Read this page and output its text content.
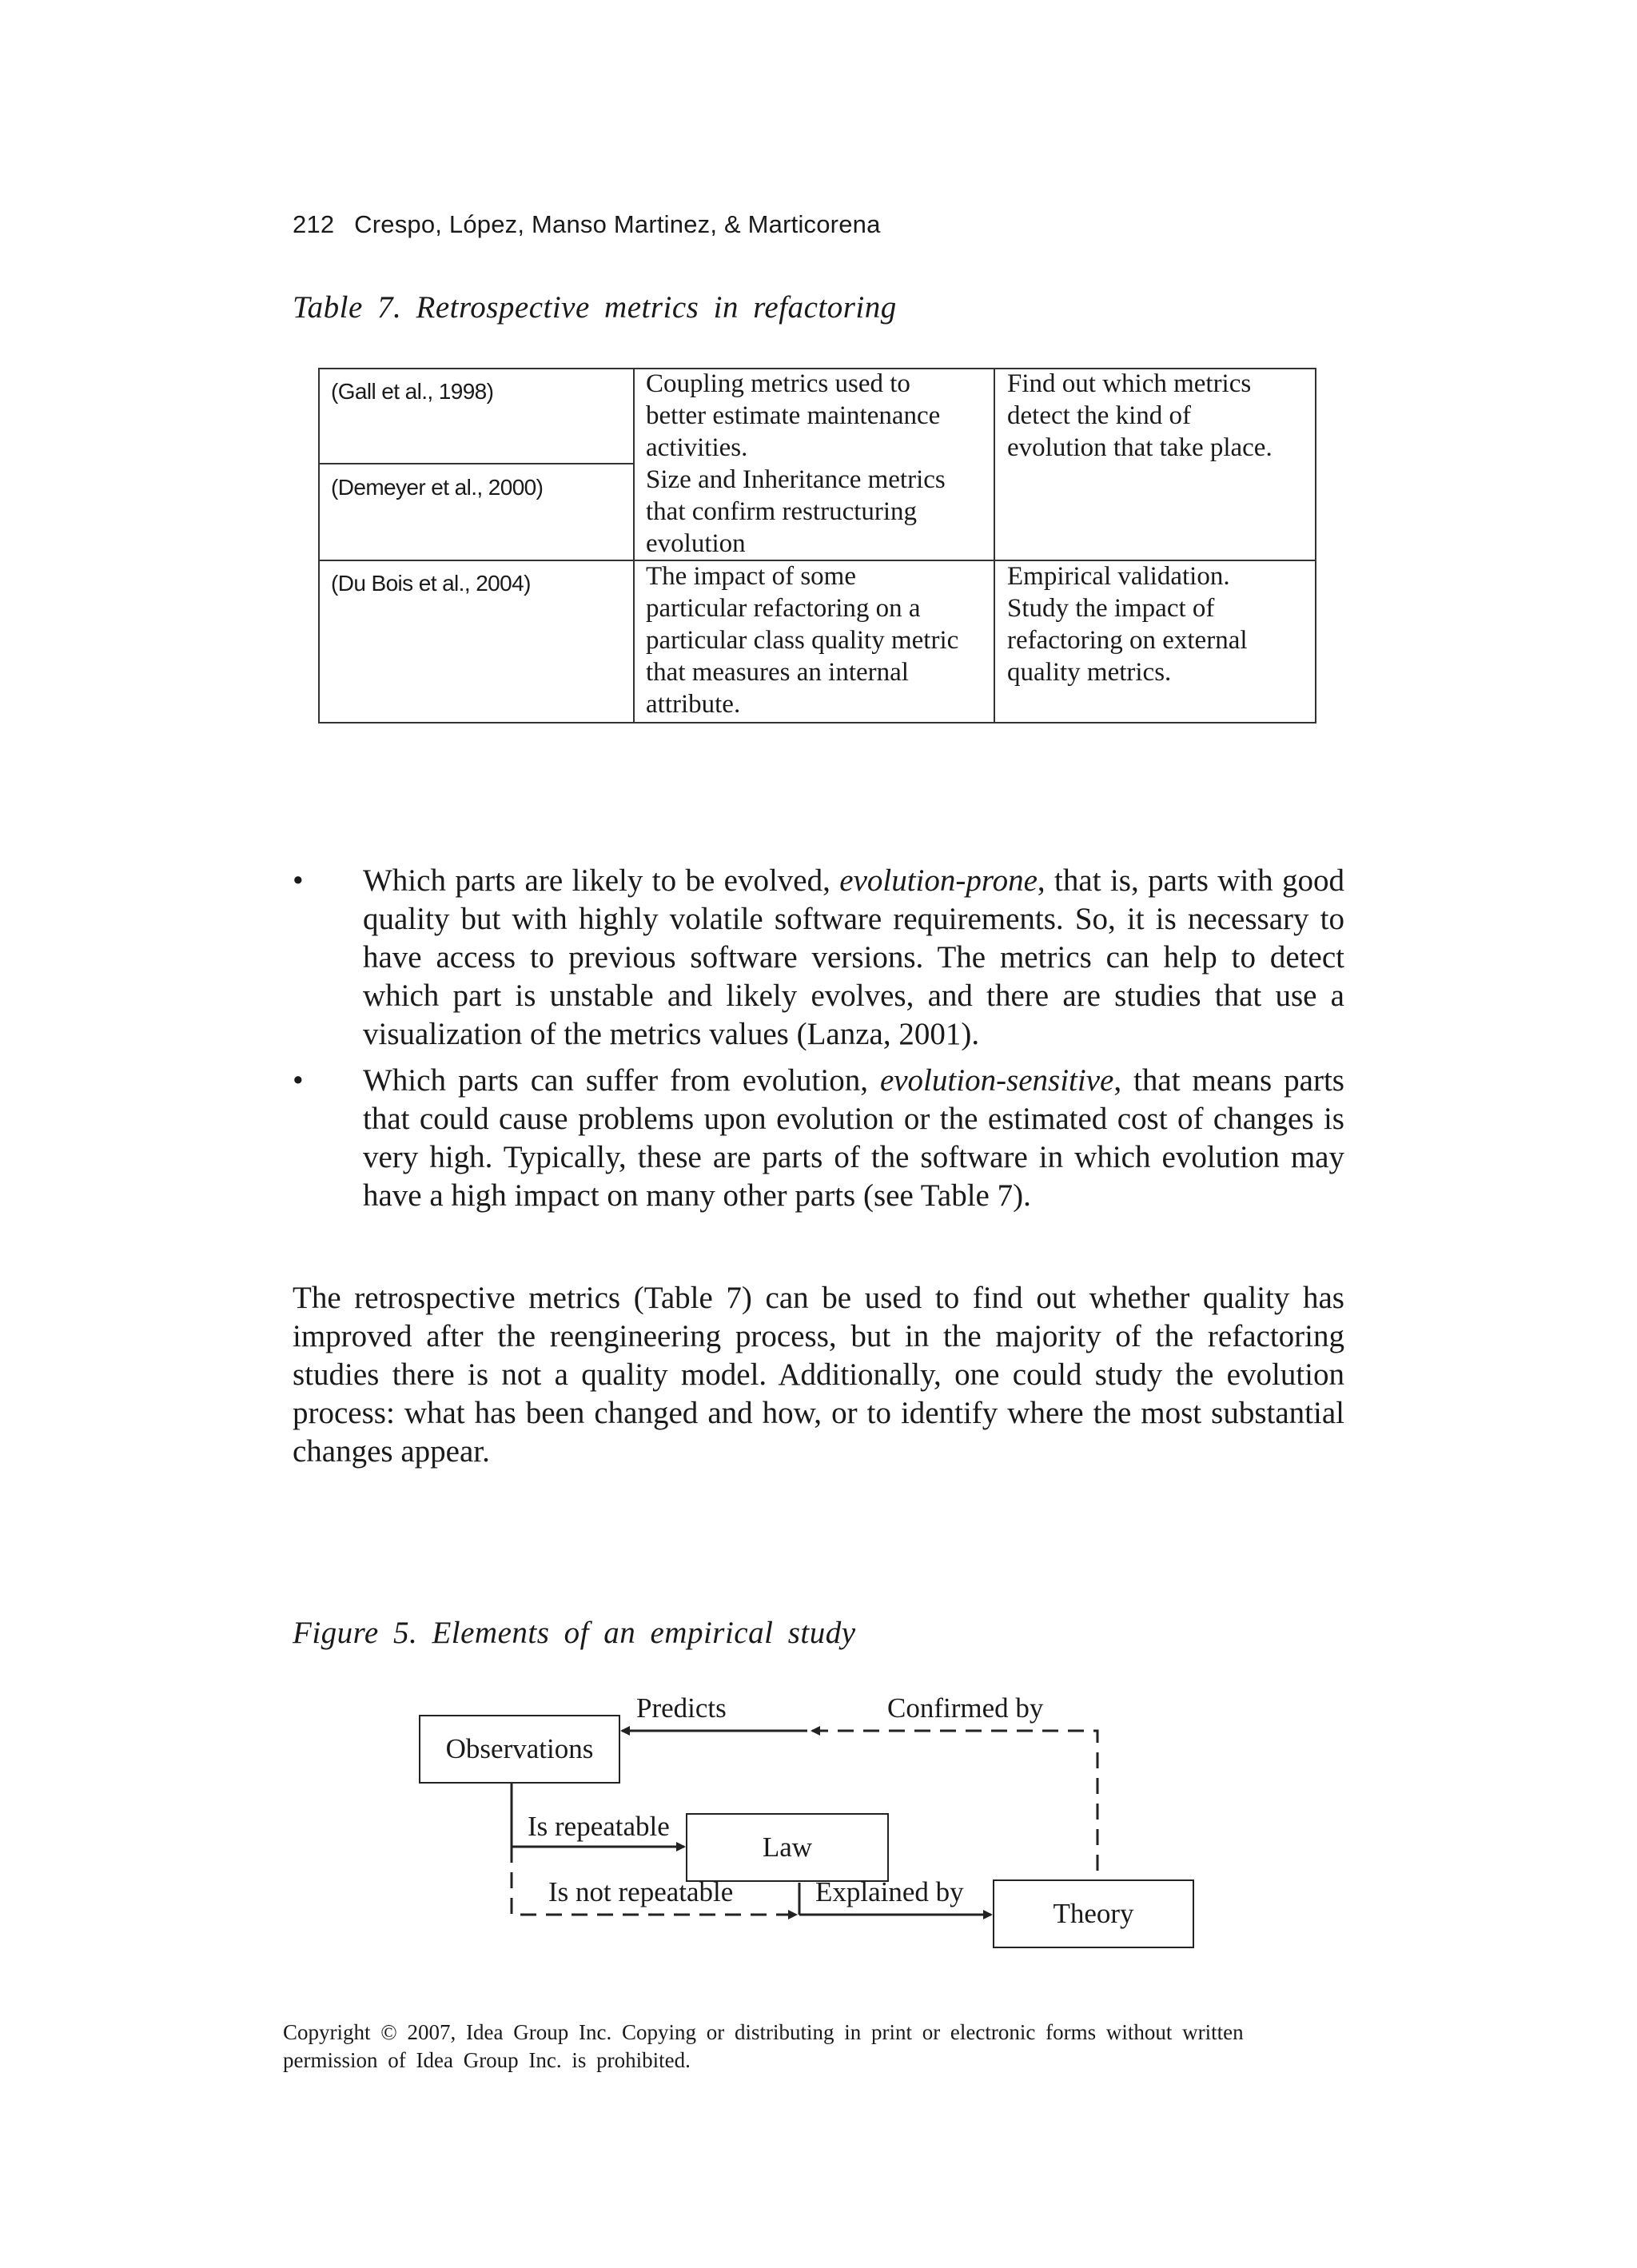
212 Crespo, López, Manso Martinez, & Marticorena
Table 7. Retrospective metrics in refactoring
(Gall et al., 1998)
(Demeyer et al., 2000)
(Du Bois et al., 2004)
Coupling metrics used to
better estimate maintenance
activities.
Size and Inheritance metrics
that confirm restructuring
evolution
The impact of some
particular refactoring on a
particular class quality metric
that measures an internal
attribute.
Find out which metrics
detect the kind of
evolution that take place.
Empirical validation.
Study the impact of
refactoring on external
quality metrics.
• Which parts are likely to be evolved, evolution-prone, that is, parts with good quality but with highly volatile software requirements. So, it is necessary to have access to previous software versions. The metrics can help to detect which part is unstable and likely evolves, and there are studies that use a visualization of the metrics values (Lanza, 2001).
• Which parts can suffer from evolution, evolution-sensitive, that means parts that could cause problems upon evolution or the estimated cost of changes is very high. Typically, these are parts of the software in which evolution may have a high impact on many other parts (see Table 7).
The retrospective metrics (Table 7) can be used to find out whether quality has improved after the reengineering process, but in the majority of the refactoring studies there is not a quality model. Additionally, one could study the evolution process: what has been changed and how, or to identify where the most substantial changes appear.
Figure 5. Elements of an empirical study
Observations
Law
Theory
Predicts	Confirmed by
Is repeatable
Is not repeatable	Explained by
Copyright © 2007, Idea Group Inc. Copying or distributing in print or electronic forms without written
permission of Idea Group Inc. is prohibited.
